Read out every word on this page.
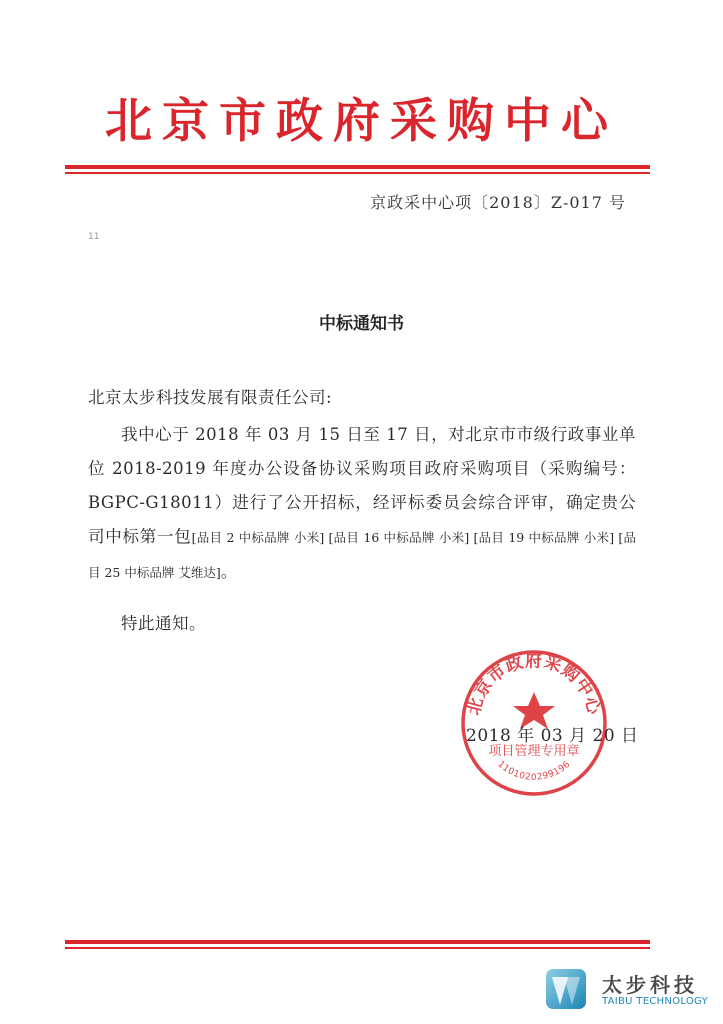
北京市政府采购中心
京政采中心项〔2018〕Z-017 号
11
中标通知书
北京太步科技发展有限责任公司:
我中心于 2018 年 03 月 15 日至 17 日，对北京市市级行政事业单位 2018-2019 年度办公设备协议采购项目政府采购项目（采购编号：BGPC-G18011）进行了公开招标，经评标委员会综合评审，确定贵公司中标第一包[品目 2 中标品牌 小米] [品目 16 中标品牌 小米] [品目 19 中标品牌 小米] [品目 25 中标品牌 艾维达]。
特此通知。
北京市政府采购中心
项目管理专用章
1101020299196
2018 年 03 月 20 日
太步科技
TAIBU TECHNOLOGY
